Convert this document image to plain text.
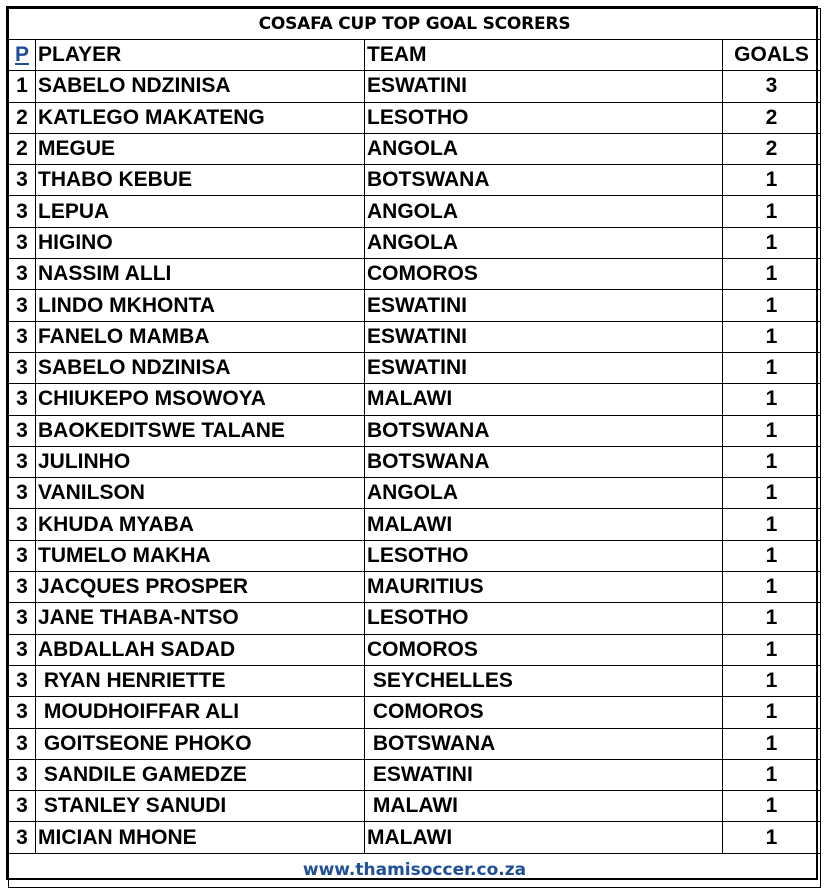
COSAFA CUP TOP GOAL SCORERS			
P	PLAYER	TEAM	GOALS
1	SABELO NDZINISA	ESWATINI	3
2	KATLEGO MAKATENG	LESOTHO	2
2	MEGUE	ANGOLA	2
3	THABO KEBUE	BOTSWANA	1
3	LEPUA	ANGOLA	1
3	HIGINO	ANGOLA	1
3	NASSIM ALLI	COMOROS	1
3	LINDO MKHONTA	ESWATINI	1
3	FANELO MAMBA	ESWATINI	1
3	SABELO NDZINISA	ESWATINI	1
3	CHIUKEPO MSOWOYA	MALAWI	1
3	BAOKEDITSWE TALANE	BOTSWANA	1
3	JULINHO	BOTSWANA	1
3	VANILSON	ANGOLA	1
3	KHUDA MYABA	MALAWI	1
3	TUMELO MAKHA	LESOTHO	1
3	JACQUES PROSPER	MAURITIUS	1
3	JANE THABA-NTSO	LESOTHO	1
3	ABDALLAH SADAD	COMOROS	1
3	RYAN HENRIETTE	SEYCHELLES	1
3	MOUDHOIFFAR ALI	COMOROS	1
3	GOITSEONE PHOKO	BOTSWANA	1
3	SANDILE GAMEDZE	ESWATINI	1
3	STANLEY SANUDI	MALAWI	1
3	MICIAN MHONE	MALAWI	1
www.thamisoccer.co.za			
